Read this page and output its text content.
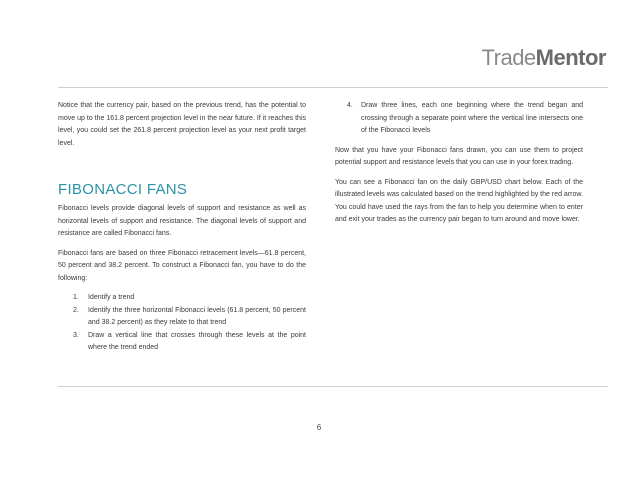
TradeMentor

Notice that the currency pair, based on the previous trend, has the potential to move up to the 161.8 percent projection level in the near future. If it reaches this level, you could set the 261.8 percent projection level as your next profit target level.

FIBONACCI FANS

Fibonacci levels provide diagonal levels of support and resistance as well as horizontal levels of support and resistance. The diagonal levels of support and resistance are called Fibonacci fans.

Fibonacci fans are based on three Fibonacci retracement levels—61.8 percent, 50 percent and 38.2 percent. To construct a Fibonacci fan, you have to do the following:

1. Identify a trend
2. Identify the three horizontal Fibonacci levels (61.8 percent, 50 percent and 38.2 percent) as they relate to that trend
3. Draw a vertical line that crosses through these levels at the point where the trend ended
4. Draw three lines, each one beginning where the trend began and crossing through a separate point where the vertical line intersects one of the Fibonacci levels

Now that you have your Fibonacci fans drawn, you can use them to project potential support and resistance levels that you can use in your forex trading.

You can see a Fibonacci fan on the daily GBP/USD chart below. Each of the illustrated levels was calculated based on the trend highlighted by the red arrow. You could have used the rays from the fan to help you determine when to enter and exit your trades as the currency pair began to turn around and move lower.

6
